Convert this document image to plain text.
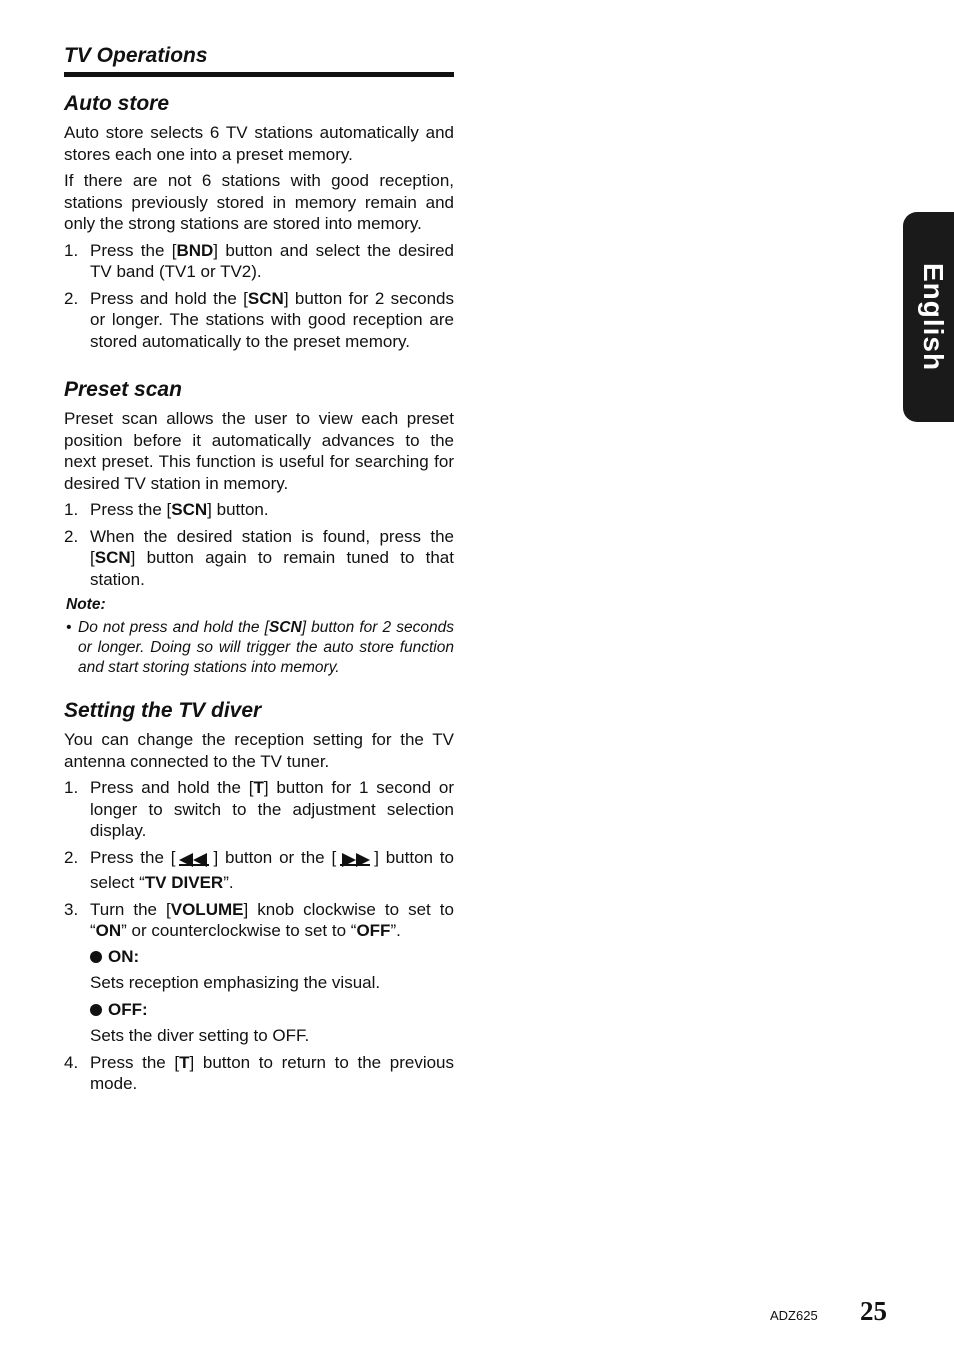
TV Operations
Auto store

Auto store selects 6 TV stations automatically and stores each one into a preset memory.

If there are not 6 stations with good reception, stations previously stored in memory remain and only the strong stations are stored into memory.

1. Press the [BND] button and select the desired TV band (TV1 or TV2).
2. Press and hold the [SCN] button for 2 seconds or longer. The stations with good reception are stored automatically to the preset memory.
Preset scan

Preset scan allows the user to view each preset position before it automatically advances to the next preset. This function is useful for searching for desired TV station in memory.

1. Press the [SCN] button.
2. When the desired station is found, press the [SCN] button again to remain tuned to that station.
Note:
• Do not press and hold the [SCN] button for 2 seconds or longer. Doing so will trigger the auto store function and start storing stations into memory.
Setting the TV diver

You can change the reception setting for the TV antenna connected to the TV tuner.

1. Press and hold the [T] button for 1 second or longer to switch to the adjustment selection display.
2. Press the [ ] button or the [ ] button to select “TV DIVER”.
3. Turn the [VOLUME] knob clockwise to set to “ON” or counterclockwise to set to “OFF”.
ON:
Sets reception emphasizing the visual.
OFF:
Sets the diver setting to OFF.
4. Press the [T] button to return to the previous mode.
English
ADZ625 25
